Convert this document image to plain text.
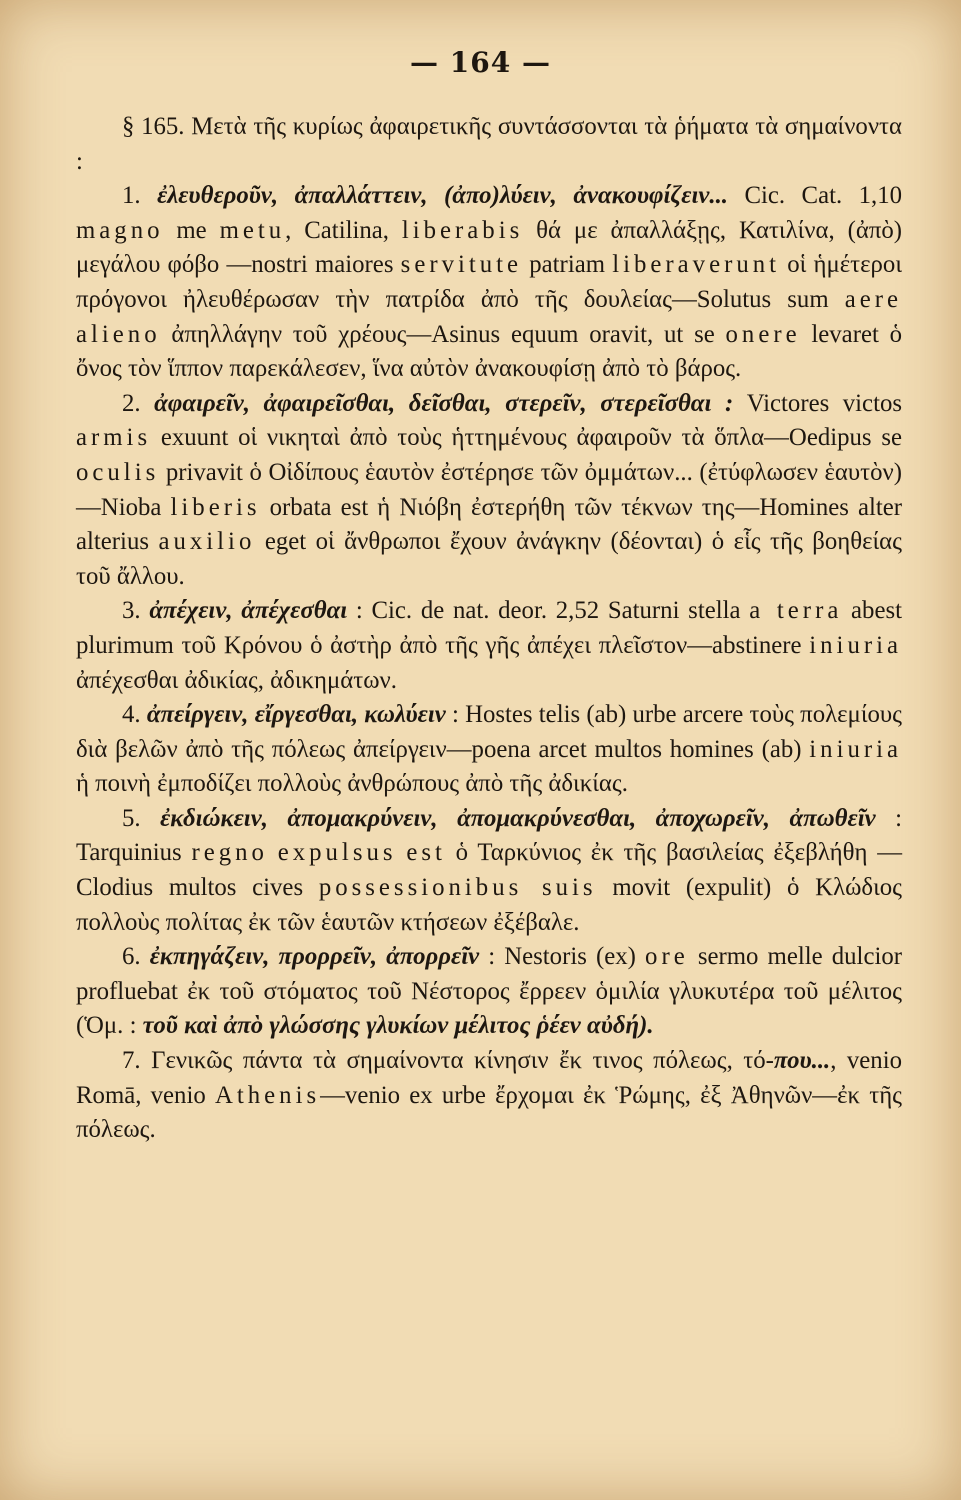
— 164 —

§ 165. Μετὰ τῆς κυρίως ἀφαιρετικῆς συντάσσονται τὰ ῥήματα τὰ σημαίνοντα :

1. ἐλευθεροῦν, ἀπαλλάττειν, (ἀπο)λύειν, ἀνακουφίζειν... Cic. Cat. 1,10 magno me metu, Catilina, liberabis θά με ἀπαλλάξῃς, Κατιλίνα, (ἀπὸ) μεγάλου φόβο —nostri maiores servitute patriam liberaverunt οἱ ἡμέτεροι πρόγονοι ἠλευθέρωσαν τὴν πατρίδα ἀπὸ τῆς δουλείας—Solutus sum aere alieno ἀπηλλάγην τοῦ χρέους—Asinus equum oravit, ut se onere levaret ὁ ὄνος τὸν ἵππον παρεκάλεσεν, ἵνα αὐτὸν ἀνακουφίσῃ ἀπὸ τὸ βάρος.

2. ἀφαιρεῖν, ἀφαιρεῖσθαι, δεῖσθαι, στερεῖν, στερεῖσθαι : Victores victos armis exuunt οἱ νικηταὶ ἀπὸ τοὺς ἡττημένους ἀφαιροῦν τὰ ὅπλα—Oedipus se oculis privavit ὁ Οἰδίπους ἑαυτὸν ἐστέρησε τῶν ὀμμάτων... (ἐτύφλωσεν ἑαυτὸν)—Nioba liberis orbata est ἡ Νιόβη ἐστερήθη τῶν τέκνων της—Homines alter alterius auxilio eget οἱ ἄνθρωποι ἔχουν ἀνάγκην (δέονται) ὁ εἷς τῆς βοηθείας τοῦ ἄλλου.

3. ἀπέχειν, ἀπέχεσθαι : Cic. de nat. deor. 2,52 Saturni stella a terra abest plurimum τοῦ Κρόνου ὁ ἀστὴρ ἀπὸ τῆς γῆς ἀπέχει πλεῖστον—abstinere iniuria ἀπέχεσθαι ἀδικίας, ἀδικημάτων.

4. ἀπείργειν, εἴργεσθαι, κωλύειν : Hostes telis (ab) urbe arcere τοὺς πολεμίους διὰ βελῶν ἀπὸ τῆς πόλεως ἀπείργειν—poena arcet multos homines (ab) iniuria ἡ ποινὴ ἐμποδίζει πολλοὺς ἀνθρώπους ἀπὸ τῆς ἀδικίας.

5. ἐκδιώκειν, ἀπομακρύνειν, ἀπομακρύνεσθαι, ἀποχωρεῖν, ἀπωθεῖν : Tarquinius regno expulsus est ὁ Ταρκύνιος ἐκ τῆς βασιλείας ἐξεβλήθη — Clodius multos cives possessionibus suis movit (expulit) ὁ Κλώδιος πολλοὺς πολίτας ἐκ τῶν ἑαυτῶν κτήσεων ἐξέβαλε.

6. ἐκπηγάζειν, προρρεῖν, ἀπορρεῖν : Nestoris (ex) ore sermo melle dulcior profluebat ἐκ τοῦ στόματος τοῦ Νέστορος ἔρρεεν ὁμιλία γλυκυτέρα τοῦ μέλιτος (Ὁμ. : τοῦ καὶ ἀπὸ γλώσσης γλυκίων μέλιτος ῥέεν αὐδή).

7. Γενικῶς πάντα τὰ σημαίνοντα κίνησιν ἔκ τινος πόλεως, τό-που..., venio Romā, venio Athenis—venio ex urbe ἔρχομαι ἐκ Ῥώμης, ἐξ Ἀθηνῶν—ἐκ τῆς πόλεως.
